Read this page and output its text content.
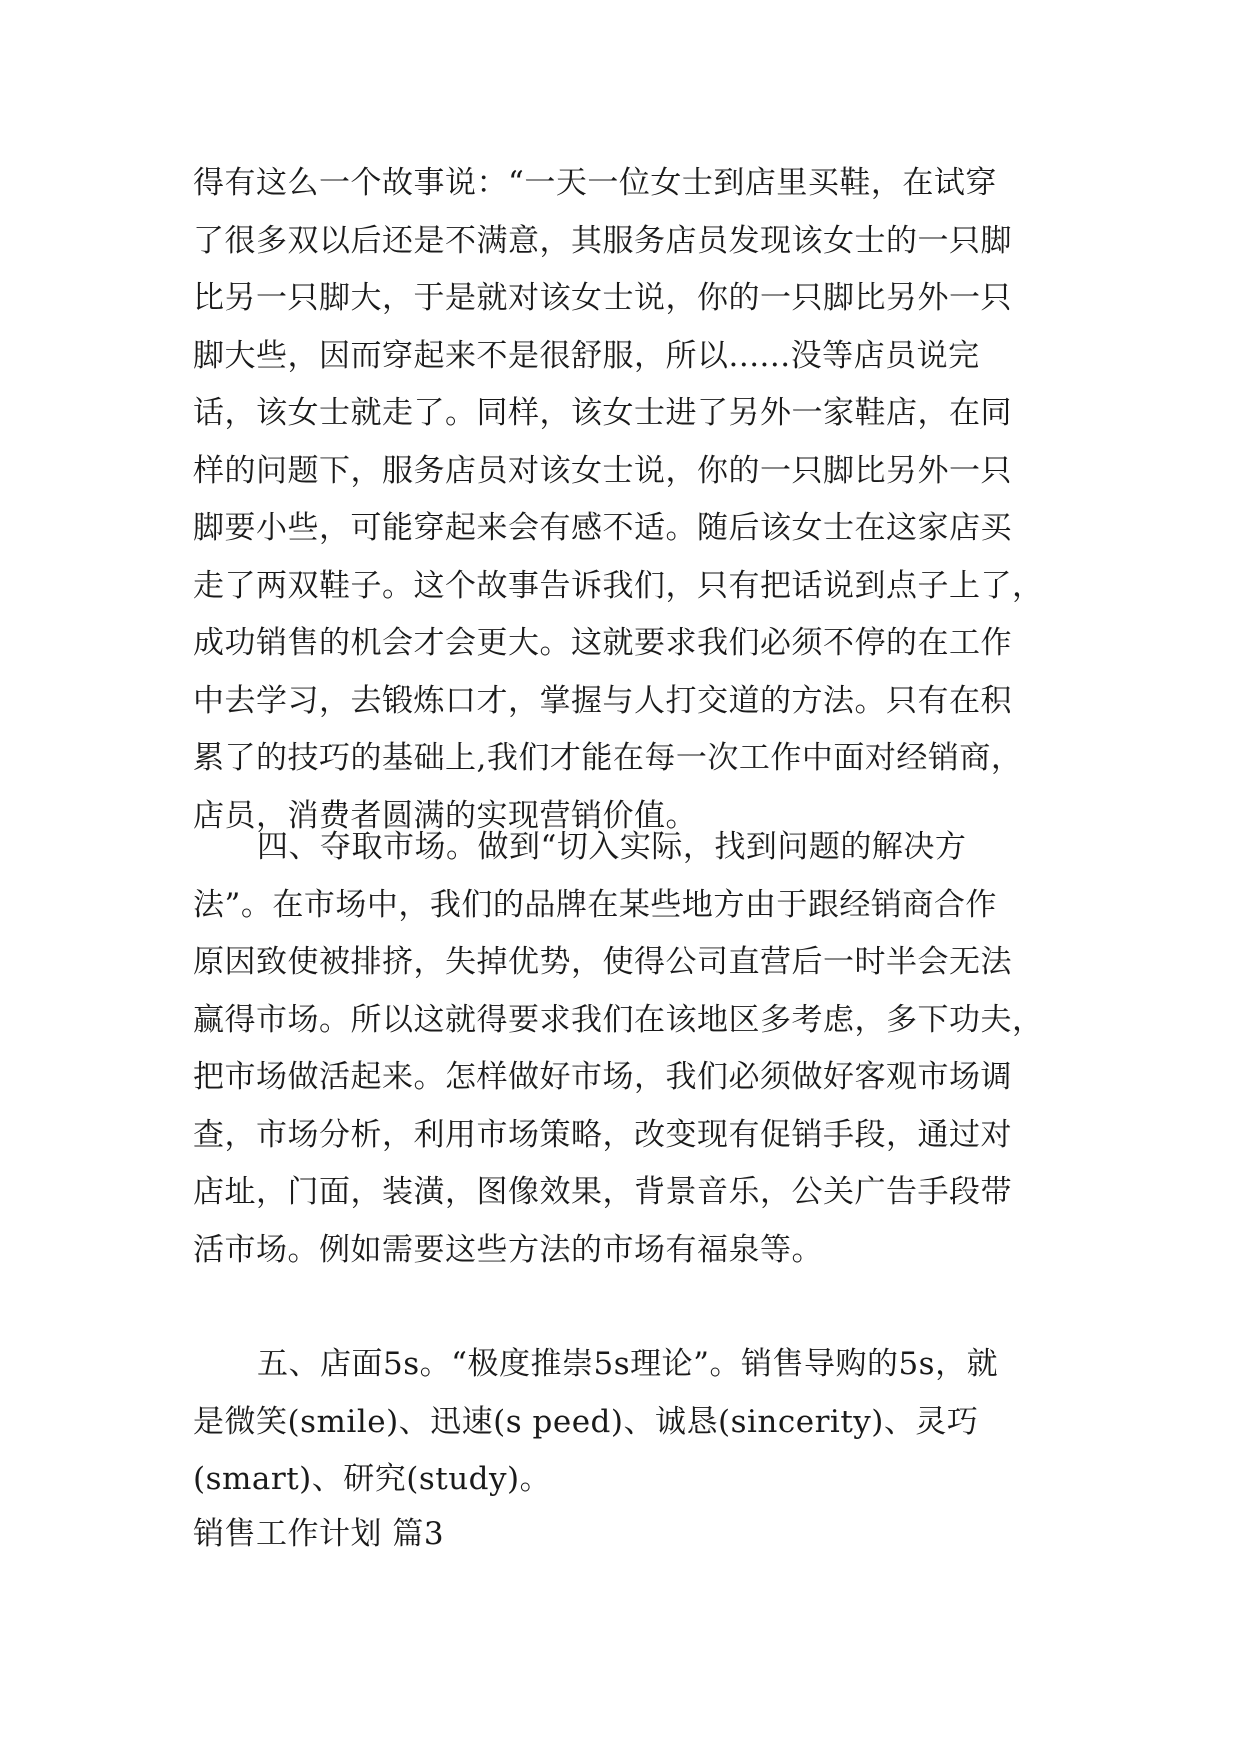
得有这么一个故事说：“一天一位女士到店里买鞋，在试穿
了很多双以后还是不满意，其服务店员发现该女士的一只脚
比另一只脚大，于是就对该女士说，你的一只脚比另外一只
脚大些，因而穿起来不是很舒服，所以......没等店员说完
话，该女士就走了。同样，该女士进了另外一家鞋店，在同
样的问题下，服务店员对该女士说，你的一只脚比另外一只
脚要小些，可能穿起来会有感不适。随后该女士在这家店买
走了两双鞋子。这个故事告诉我们，只有把话说到点子上了，
成功销售的机会才会更大。这就要求我们必须不停的在工作
中去学习，去锻炼口才，掌握与人打交道的方法。只有在积
累了的技巧的基础上,我们才能在每一次工作中面对经销商，
店员，消费者圆满的实现营销价值。
四、夺取市场。做到“切入实际，找到问题的解决方
法”。在市场中，我们的品牌在某些地方由于跟经销商合作
原因致使被排挤，失掉优势，使得公司直营后一时半会无法
赢得市场。所以这就得要求我们在该地区多考虑，多下功夫，
把市场做活起来。怎样做好市场，我们必须做好客观市场调
查，市场分析，利用市场策略，改变现有促销手段，通过对
店址，门面，装潢，图像效果，背景音乐，公关广告手段带
活市场。例如需要这些方法的市场有福泉等。
五、店面5s。“极度推崇5s理论”。销售导购的5s，就
是微笑(smile)、迅速(s peed)、诚恳(sincerity)、灵巧
(smart)、研究(study)。
销售工作计划 篇3
